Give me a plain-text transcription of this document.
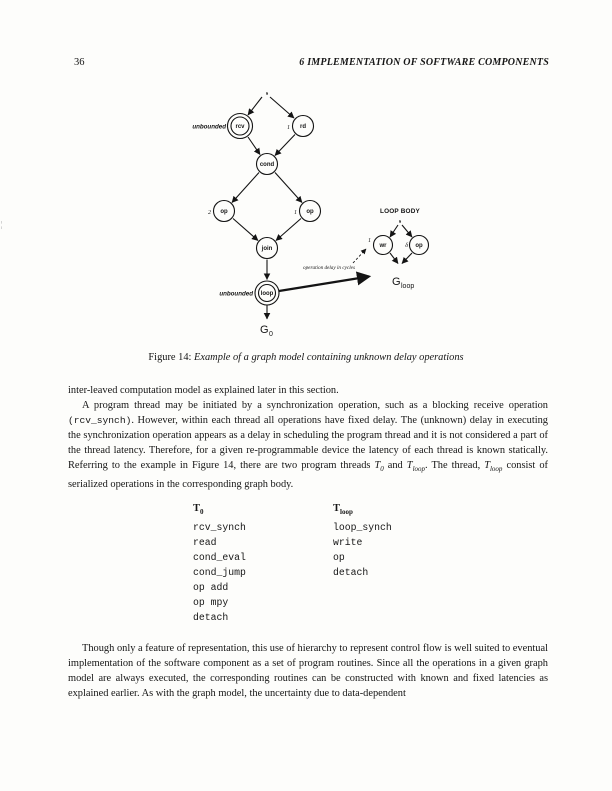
36	6 IMPLEMENTATION OF SOFTWARE COMPONENTS
s
rcv
unbounded	rd
1
cond
op
2	op
1
join
loop
unbounded
G 0
LOOP BODY
s
wr
1
op
δ
G loop
operation delay in cycles
Figure 14: Example of a graph model containing unknown delay operations
inter-leaved computation model as explained later in this section.
A program thread may be initiated by a synchronization operation, such as a blocking receive operation (rcv_synch). However, within each thread all operations have fixed delay. The (unknown) delay in executing the synchronization operation appears as a delay in scheduling the program thread and it is not considered a part of the thread latency. Therefore, for a given re-programmable device the latency of each thread is known statically. Referring to the example in Figure 14, there are two program threads $T_0$ and $T_{loop}$. The thread, $T_{loop}$ consist of serialized operations in the corresponding graph body.
$T_0$
rcv_synch
read
cond_eval
cond_jump
op add
op mpy
detach
$T_{loop}$
loop_synch
write
op
detach
Though only a feature of representation, this use of hierarchy to represent control flow is well suited to eventual implementation of the software component as a set of program routines. Since all the operations in a given graph model are always executed, the corresponding routines can be constructed with known and fixed latencies as explained earlier. As with the graph model, the uncertainty due to data-dependent
¦
